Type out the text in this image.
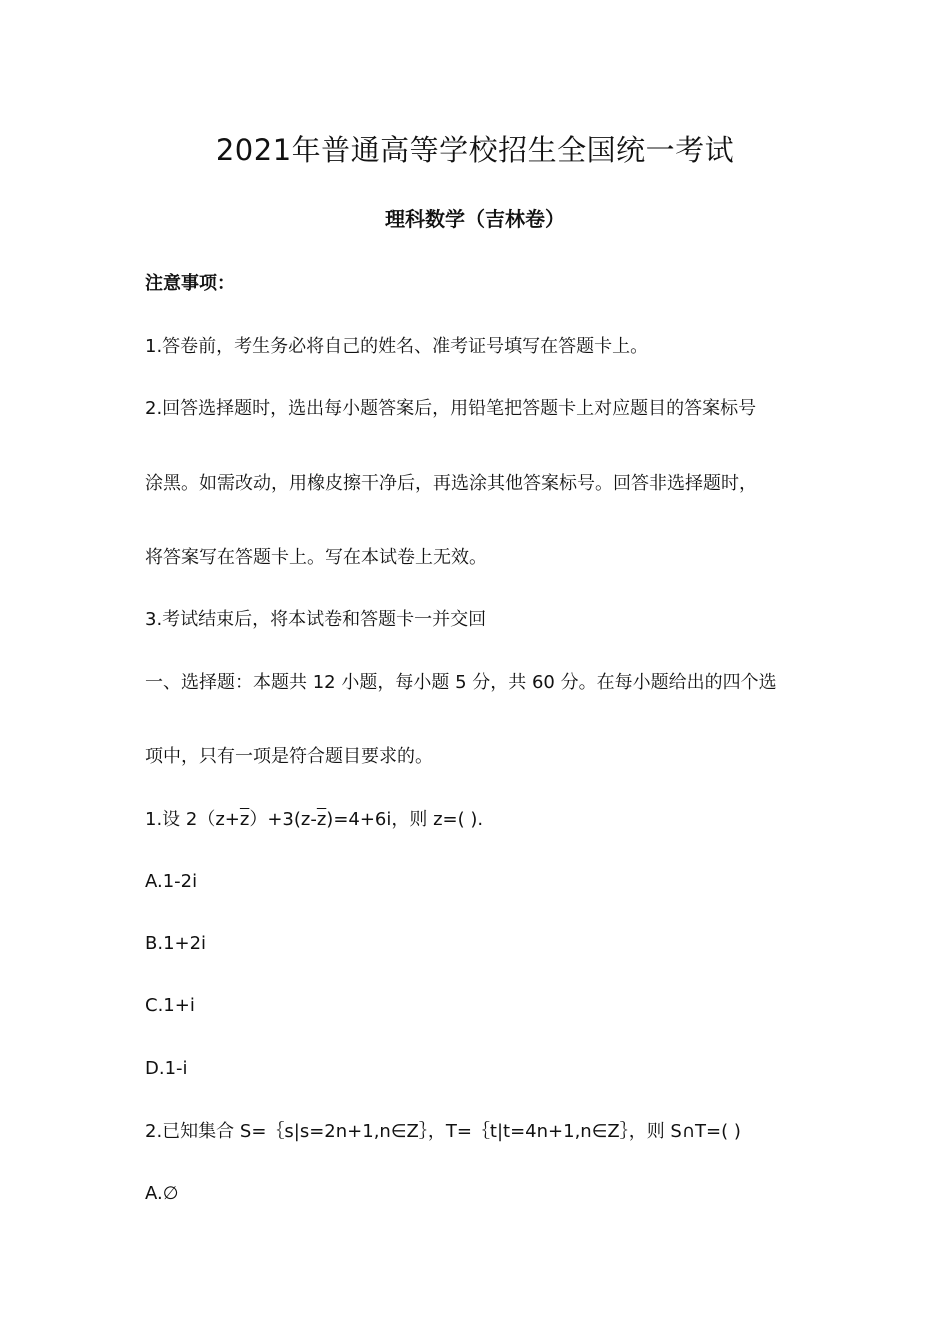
2021年普通高等学校招生全国统一考试
理科数学（吉林卷）
注意事项：
1.答卷前，考生务必将自己的姓名、准考证号填写在答题卡上。
2.回答选择题时，选出每小题答案后，用铅笔把答题卡上对应题目的答案标号
涂黑。如需改动，用橡皮擦干净后，再选涂其他答案标号。回答非选择题时，
将答案写在答题卡上。写在本试卷上无效。
3.考试结束后，将本试卷和答题卡一并交回
一、选择题：本题共 12 小题，每小题 5 分，共 60 分。在每小题给出的四个选
项中，只有一项是符合题目要求的。
1.设 $2(z+\overline{z})+3(z-\overline{z})=4+6i$，则 z=( ).
A.1-2i
B.1+2i
C.1+i
D.1-i
2.已知集合 S=｛s|s=2n+1,n∈Z｝，T=｛t|t=4n+1,n∈Z｝，则 S∩T=( )
A.∅
